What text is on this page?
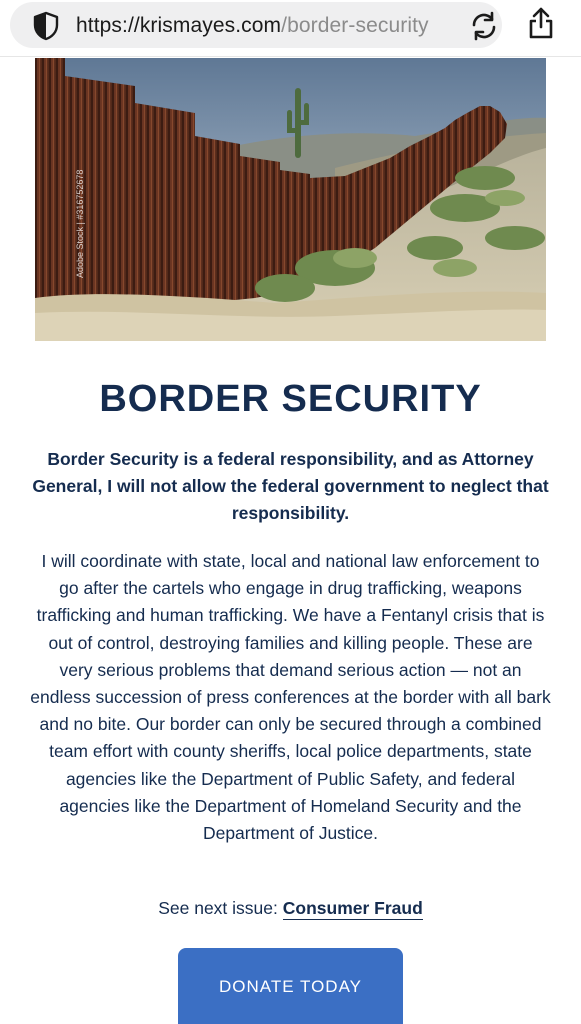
https://krismayes.com/border-security
Adobe Stock | #316752678
BORDER SECURITY

Border Security is a federal responsibility, and as Attorney General, I will not allow the federal government to neglect that responsibility.

I will coordinate with state, local and national law enforcement to go after the cartels who engage in drug trafficking, weapons trafficking and human trafficking. We have a Fentanyl crisis that is out of control, destroying families and killing people. These are very serious problems that demand serious action — not an endless succession of press conferences at the border with all bark and no bite. Our border can only be secured through a combined team effort with county sheriffs, local police departments, state agencies like the Department of Public Safety, and federal agencies like the Department of Homeland Security and the Department of Justice.

See next issue: Consumer Fraud
DONATE TODAY
